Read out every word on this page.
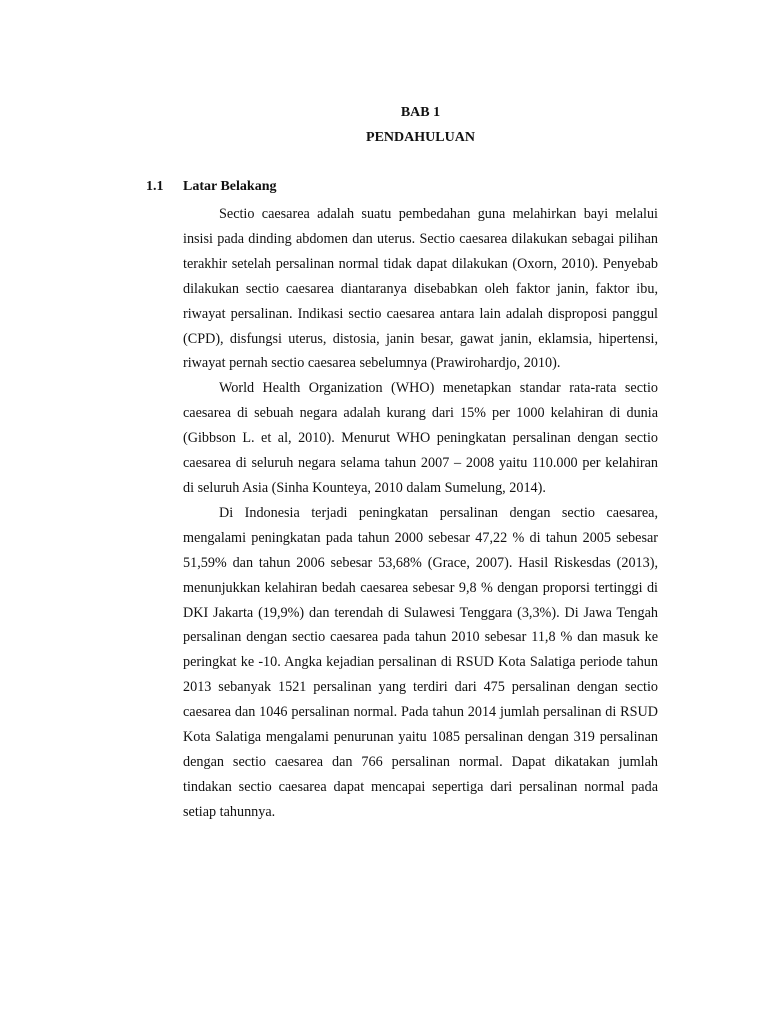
BAB 1
PENDAHULUAN
1.1 Latar Belakang

Sectio caesarea adalah suatu pembedahan guna melahirkan bayi melalui insisi pada dinding abdomen dan uterus. Sectio caesarea dilakukan sebagai pilihan terakhir setelah persalinan normal tidak dapat dilakukan (Oxorn, 2010). Penyebab dilakukan sectio caesarea diantaranya disebabkan oleh faktor janin, faktor ibu, riwayat persalinan. Indikasi sectio caesarea antara lain adalah disproposi panggul (CPD), disfungsi uterus, distosia, janin besar, gawat janin, eklamsia, hipertensi, riwayat pernah sectio caesarea sebelumnya (Prawirohardjo, 2010).

World Health Organization (WHO) menetapkan standar rata-rata sectio caesarea di sebuah negara adalah kurang dari 15% per 1000 kelahiran di dunia (Gibbson L. et al, 2010). Menurut WHO peningkatan persalinan dengan sectio caesarea di seluruh negara selama tahun 2007 – 2008 yaitu 110.000 per kelahiran di seluruh Asia (Sinha Kounteya, 2010 dalam Sumelung, 2014).

Di Indonesia terjadi peningkatan persalinan dengan sectio caesarea, mengalami peningkatan pada tahun 2000 sebesar 47,22 % di tahun 2005 sebesar 51,59% dan tahun 2006 sebesar 53,68% (Grace, 2007). Hasil Riskesdas (2013), menunjukkan kelahiran bedah caesarea sebesar 9,8 % dengan proporsi tertinggi di DKI Jakarta (19,9%) dan terendah di Sulawesi Tenggara (3,3%). Di Jawa Tengah persalinan dengan sectio caesarea pada tahun 2010 sebesar 11,8 % dan masuk ke peringkat ke -10. Angka kejadian persalinan di RSUD Kota Salatiga periode tahun 2013 sebanyak 1521 persalinan yang terdiri dari 475 persalinan dengan sectio caesarea dan 1046 persalinan normal. Pada tahun 2014 jumlah persalinan di RSUD Kota Salatiga mengalami penurunan yaitu 1085 persalinan dengan 319 persalinan dengan sectio caesarea dan 766 persalinan normal. Dapat dikatakan jumlah tindakan sectio caesarea dapat mencapai sepertiga dari persalinan normal pada setiap tahunnya.
